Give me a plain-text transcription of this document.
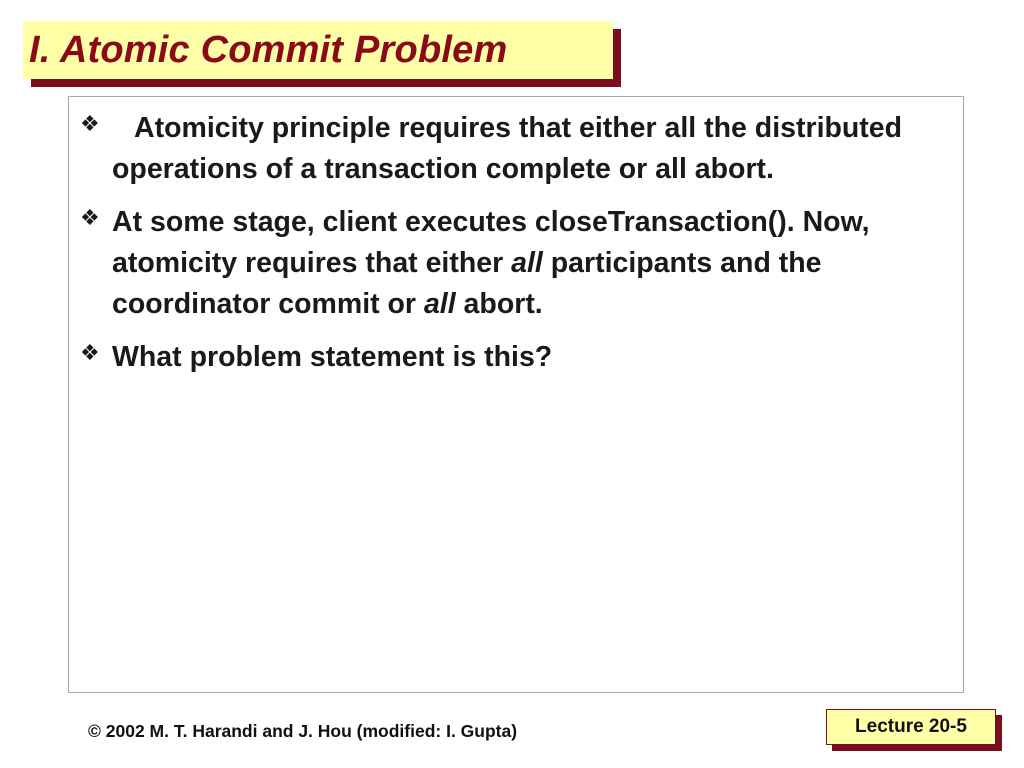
I. Atomic Commit Problem
❖ Atomicity principle requires that either all the distributed operations of a transaction complete or all abort.
❖ At some stage, client executes closeTransaction(). Now, atomicity requires that either all participants and the coordinator commit or all abort.
❖ What problem statement is this?
© 2002 M. T. Harandi and J. Hou (modified: I. Gupta)	Lecture 20-5
